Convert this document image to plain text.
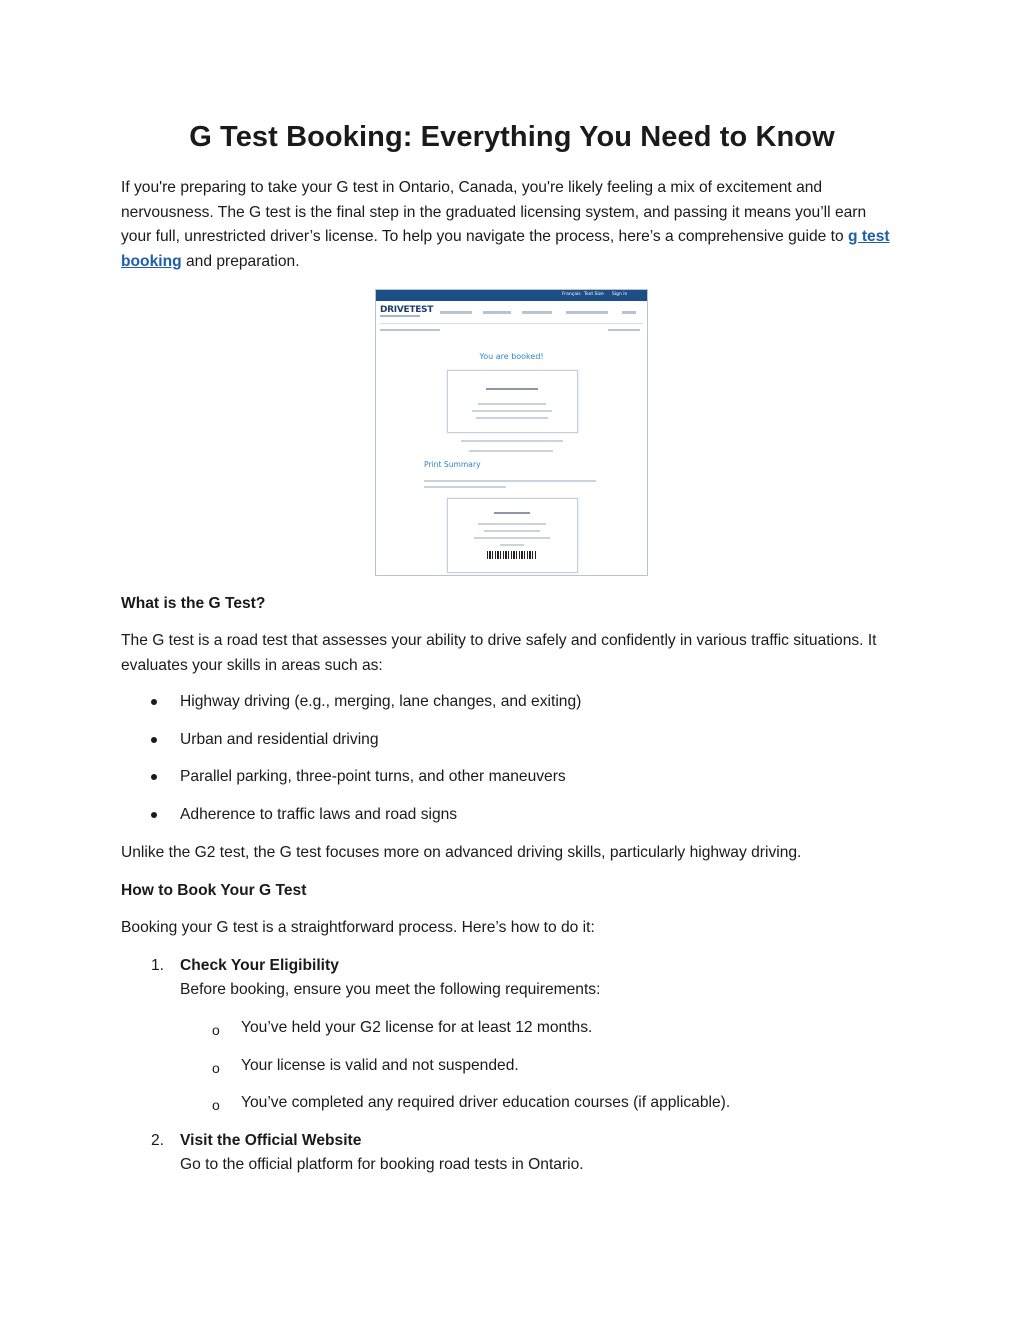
G Test Booking: Everything You Need to Know

If you're preparing to take your G test in Ontario, Canada, you're likely feeling a mix of excitement and nervousness. The G test is the final step in the graduated licensing system, and passing it means you’ll earn your full, unrestricted driver’s license. To help you navigate the process, here’s a comprehensive guide to g test booking and preparation.

Français Text Size Sign in
DRIVETEST
You are booked!
Print Summary

What is the G Test?

The G test is a road test that assesses your ability to drive safely and confidently in various traffic situations. It evaluates your skills in areas such as:

Highway driving (e.g., merging, lane changes, and exiting)
Urban and residential driving
Parallel parking, three-point turns, and other maneuvers
Adherence to traffic laws and road signs

Unlike the G2 test, the G test focuses more on advanced driving skills, particularly highway driving.

How to Book Your G Test

Booking your G test is a straightforward process. Here’s how to do it:

1. Check Your Eligibility
Before booking, ensure you meet the following requirements:
o You’ve held your G2 license for at least 12 months.
o Your license is valid and not suspended.
o You’ve completed any required driver education courses (if applicable).
2. Visit the Official Website
Go to the official platform for booking road tests in Ontario.
